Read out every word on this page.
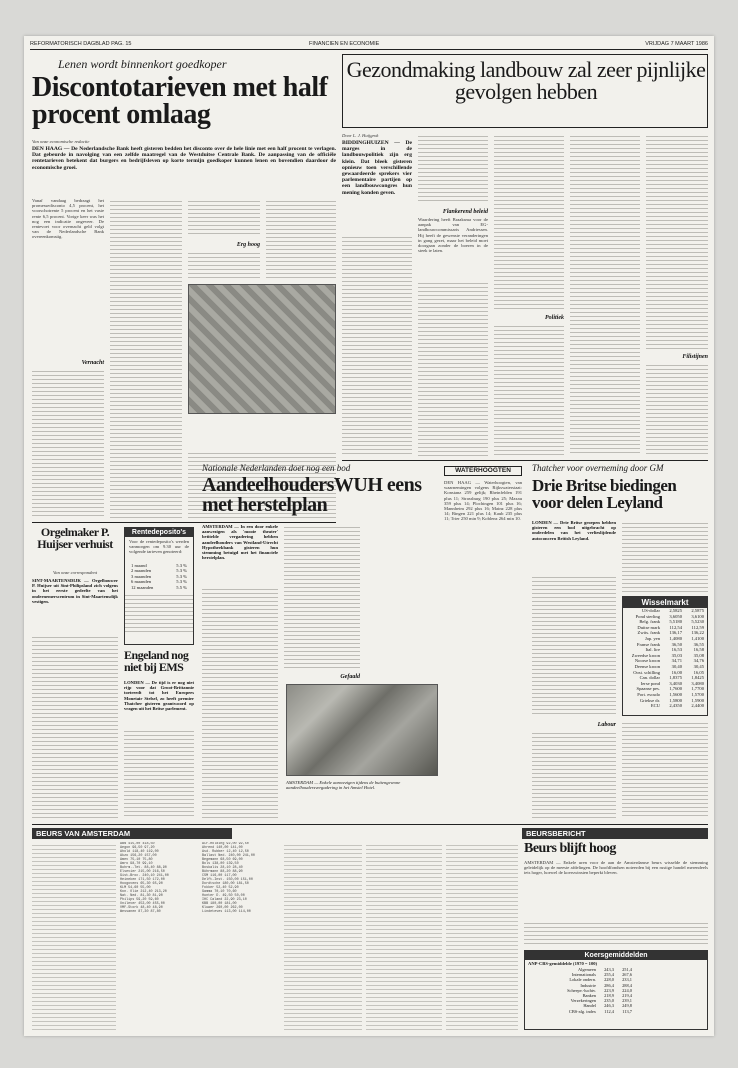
REFORMATORISCH DAGBLAD PAG. 15	FINANCIEN EN ECONOMIE	VRIJDAG 7 MAART 1986
Lenen wordt binnenkort goedkoper
Discontotarieven met half procent omlaag
Van onze economische redactie
DEN HAAG — De Nederlandsche Bank heeft gisteren bedden het disconto over de hele linie met een half procent te verlagen. Dat gebeurde in navolging van een zelfde maatregel van de Westduitse Centrale Bank. De aanpassing van de officiële rentetarieven betekent dat burgers en bedrijfsleven op korte termijn goedkoper kunnen lenen en bovendien daardoor de economische groei.

Vanaf vandaag bedraagt het promessedisconto 4,5 procent, het voorschotrente 5 procent en het vaste rente 6,5 procent. Vorige keer was het nog een indicatie ongeveer. De rentevoet voor overnacht geld volgt van de Nederlandsche Bank overeenkomstig.

Vernacht
Erg hoog
Gezondmaking landbouw zal zeer pijnlijke gevolgen hebben
Door L. J. Huijgrok
BIDDINGHUIZEN — De marges in de landbouwpolitiek zijn erg klein. Dat bleek gisteren opnieuw toen verschillende gewaardeerde sprekers vier parlementaire partijen op een landbouwcongres hun mening konden geven.
Flankerend beleid
Waardering heeft Braaksma voor de aanpak van EG-landbouwcommissaris Andriessen. Hij heeft de gewenste veranderingen in gang gezet, maar het beleid moet doorgaan zonder de boeren in de steek te laten.
Politiek
Filistijnen
Orgelmaker P. Huijser verhuist
Van onze correspondent
SINT-MAARTENSDIJK — Orgelbouwer P. Huijser uit Sint-Philipsland zich volgens in het eerste gedeelte van het ondernemerscentrum in Sint-Maartensdijk vestigen.
Rentedeposito's
Voor de rentedeposito's werden vanmorgen om 9.30 uur de volgende tarieven genoteerd:
1 maand	5.3 %
2 maanden	5.3 %
3 maanden	5.3 %
6 maanden	5.3 %
12 maanden	5.5 %
Engeland nog niet bij EMS
LONDEN — De tijd is er nog niet rijp voor dat Groot-Brittannie toetreedt tot het Europees Monetair Stelsel, zo heeft premier Thatcher gisteren geantwoord op vragen uit het Britse parlement.
Nationale Nederlanden doet nog een bod
AandeelhoudersWUH eens met herstelplan
AMSTERDAM — In een door enkele aanwezigen als 'mooie theater' betitelde vergadering hebben aandeelhouders van Westland-Utrecht Hypotheekbank gisteren hun stemming betuigd met het financiele herstelplan.
Gefaald
AMSTERDAM — Enkele aanwezigen tijdens de buitengewone aandeelhoudersvergadering in het Amstel Hotel.
WATERHOOGTEN
DEN HAAG — Waterhoogten, van waarnemingen volgens Rijkswaterstaat: Konstanz 259 gelijk; Rheinfelden 191 plus 11; Strassburg 190 plus 25; Maxau 359 plus 14; Plochingen 101 plus 16; Mannheim 292 plus 16; Mainz 228 plus 14; Bingen 221 plus 14; Kaub 235 plus 11; Trier 250 min 9; Koblenz 264 min 10.
Thatcher voor overneming door GM
Drie Britse biedingen voor delen Leyland
LONDEN — Drie Britse groepen hebben gisteren een bod uitgebracht op onderdelen van het verlieslijdende autoconcern British Leyland.
Labour
Wisselmarkt
US-dollar	2,5825	2,5875
Pond sterling	3,6050	3,6100
Belg. frank	5,5180	5,5230
Duitse mark	112,54	112,59
Zwits. frank	136,17	136,22
Jap. yen	1,4080	1,4100
Franse frank	36,50	36,55
Ital. lire	16,53	16,58
Zweedse kroon	35,03	35,08
Noorse kroon	34,71	34,76
Deense kroon	30,40	30,45
Oost. schilling	16,00	16,05
Can. dollar	1,8375	1,8425
Ierse pond	3,4030	3,4080
Spaanse pes.	1,7600	1,7700
Port. escudo	1,5600	1,5700
Griekse dr.	1,5800	1,5900
ECU	2,4350	2,4400
BEURS VAN AMSTERDAM	BEURSBERICHT
ABN 415,00 418,50
Aegon 96,50 97,20
Ahold 118,40 119,00
Akzo 156,20 157,00
Amev 75,10 75,80
Amro 98,70 99,10
Buhrm.-Tet. 88,40 88,90
Elsevier 215,00 216,50
Gist-Broc. 240,10 241,00
Heineken 171,50 172,00
Hoogovens 65,30 65,90
KLM 54,60 55,00
Kon. Olie 212,40 213,20
Nat. Ned. 81,30 81,90
Philips 59,20 59,60
Unilever 453,00 455,00
VMF-Stork 48,40 48,90
Wessanen 87,30 87,80
ACF-Holding 92,00 92,50
Ahrend 140,00 141,00
Asd. Rubber 12,40 12,50
Ballast Ned. 240,00 241,00
Begemann 68,50 69,00
Bols 138,00 139,50
Boskalis 28,10 28,40
Bührmann 88,20 88,90
CSM 116,00 117,00
Delft-Inst. 150,00 151,00
Dordtsche 180,00 181,50
Fokker 52,40 52,90
Gamma 70,10 70,60
Hunter D. 49,50 50,00
IHC Caland 22,90 23,10
KBB 180,00 181,00
Kluwer 260,00 262,00
Lindeteves 113,00 114,00
Beurs blijft hoog
AMSTERDAM — Enkele uren voor de aan de Amsterdamse beurs wisselde de stemming geleidelijk op de meeste afdelingen. De hoofdfondsen noteerden bij een rustige handel merendeels iets hoger, hoewel de koerswinsten beperkt bleven.
Koersgemiddelden
ANP-CBS-gemiddelde (1970 = 100)
Algemeen	243,3	251,4
Internationals	255,4	267,6
Lokale ondern.	228,0	233,1
Industrie	286,4	288,4
Scheepv.-luchtv.	223,9	224,0
Banken	218,9	219,4
Verzekeringen	235,0	239,1
Handel	246,3	249,8
CBS-alg. index	112,4	113,7
